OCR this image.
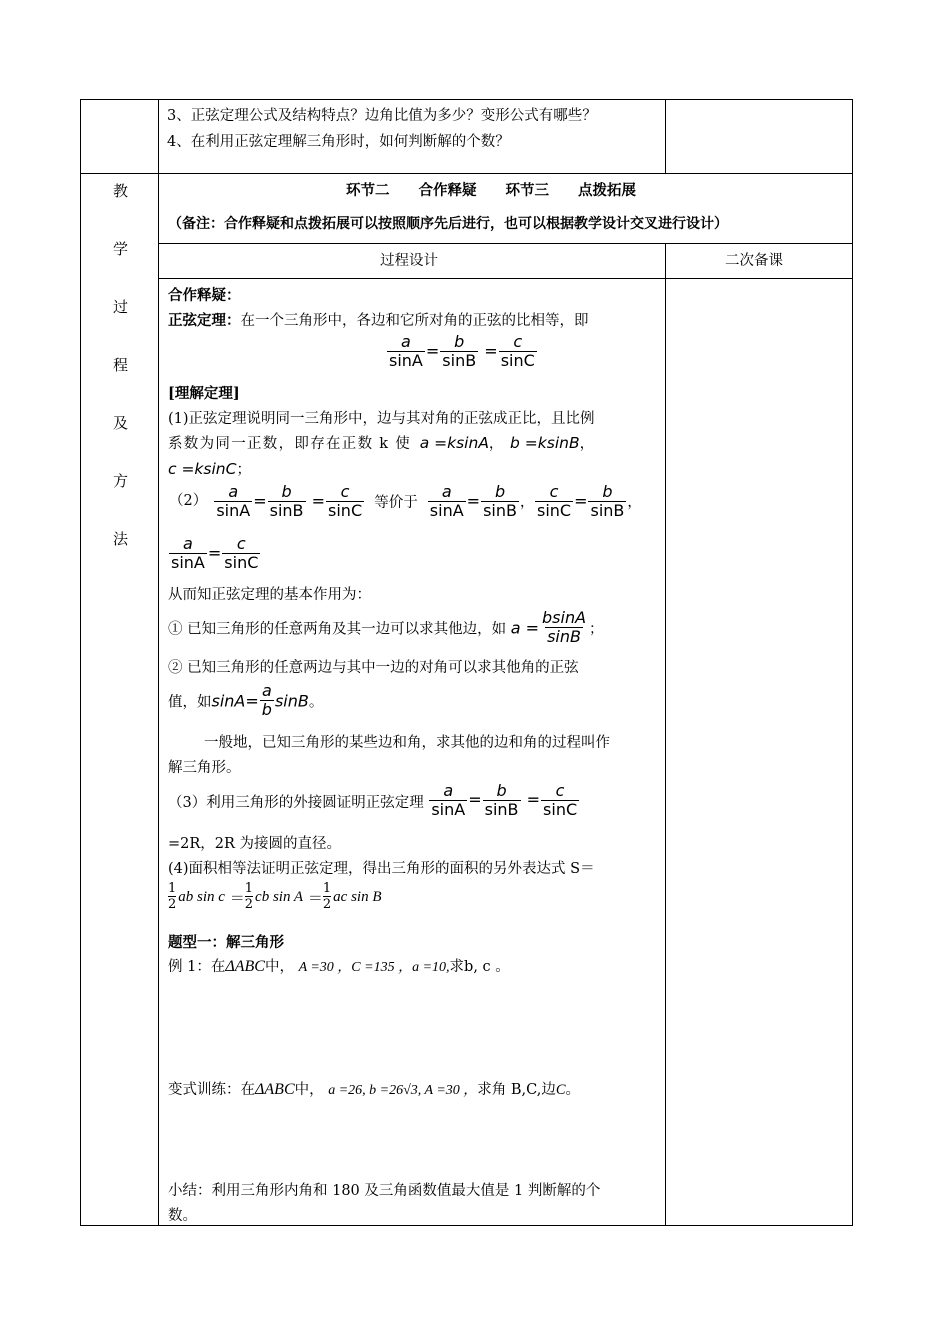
3、正弦定理公式及结构特点？边角比值为多少？变形公式有哪些？
4、在利用正弦定理解三角形时，如何判断解的个数？
教
学
过
程
及
方
法
环节二　　合作释疑　　环节三　　点拨拓展
（备注：合作释疑和点拨拓展可以按照顺序先后进行，也可以根据教学设计交叉进行设计）
过程设计	二次备课
合作释疑：
正弦定理：在一个三角形中，各边和它所对角的正弦的比相等，即
$\frac{a}{\sin A} = \frac{b}{\sin B} = \frac{c}{\sin C}$
[理解定理]
(1)正弦定理说明同一三角形中，边与其对角的正弦成正比，且比例
系数为同一正数，即存在正数 k 使 a =ksinA， b =ksinB，
c =ksinC；
$(2) \frac{a}{\sin A} = \frac{b}{\sin B} = \frac{c}{\sin C}$ 等价于 $\frac{a}{\sin A} = \frac{b}{\sin B}$ ， $\frac{c}{\sin C} = \frac{b}{\sin B}$ ，
$\frac{a}{\sin A} = \frac{c}{\sin C}$
从而知正弦定理的基本作用为：
① 已知三角形的任意两角及其一边可以求其他边，如 $a = \frac{bsinA}{\sin B}$ ；
② 已知三角形的任意两边与其中一边的对角可以求其他角的正弦
值，如$\sin A= \frac{a}{b}$ sinB。
一般地，已知三角形的某些边和角，求其他的边和角的过程叫作
解三角形。
（3）利用三角形的外接圆证明正弦定理 $\frac{a}{\sin A} = \frac{b}{\sin B} = \frac{c}{\sin C}$
=2R，2R 为接圆的直径。
(4)面积相等法证明正弦定理，得出三角形的面积的另外表达式 S＝
$\frac{1}{2}$ ab $\sin c = \frac{1}{2}$ cb $\sin A = \frac{1}{2}$ ac sin B
题型一：解三角形
例 1：在ΔABC中， A =30 ，C =135 ，a =10,求b, c 。
变式训练：在ΔABC中， a =26, b =26√3, A =30 ，求角 B,C,边C。
小结：利用三角形内角和 180 及三角函数值最大值是 1 判断解的个
数。
